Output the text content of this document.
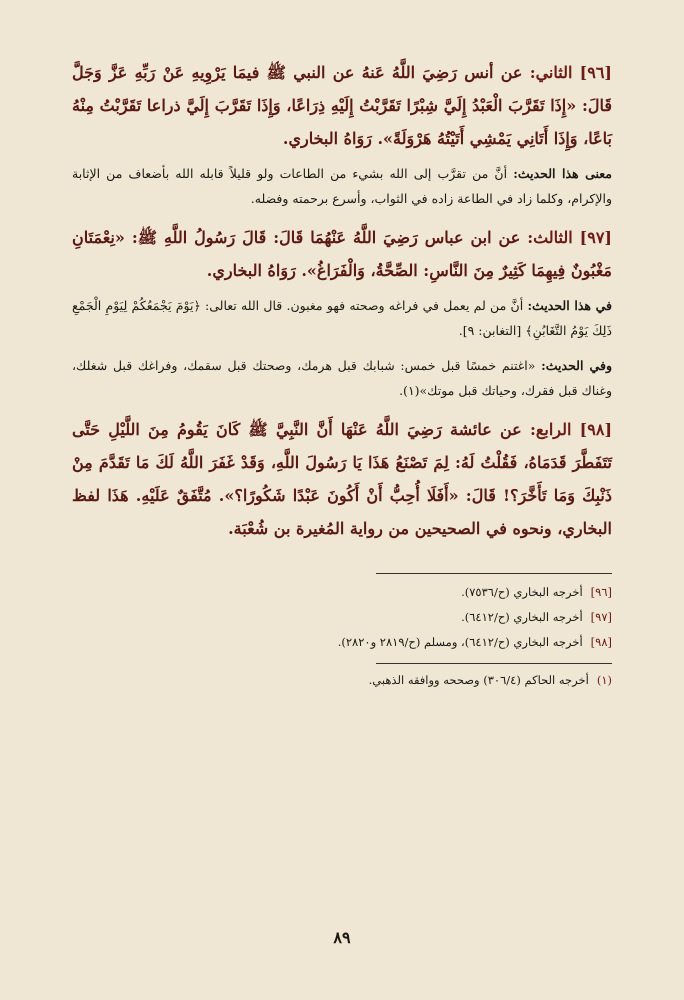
[٩٦] الثاني: عن أنس رَضِيَ اللَّهُ عَنهُ عن النبي ﷺ فيمَا يَرْوِيهِ عَنْ رَبِّهِ عَزَّ وَجَلَّ قَالَ: «إِذَا تَقَرَّبَ الْعَبْدُ إِلَيَّ شِبْرًا تَقَرَّبْتُ إِلَيْهِ ذِرَاعًا، وَإِذَا تَقَرَّبَ إِلَيَّ ذراعا تَقَرَّبْتُ مِنْهُ بَاعًا، وَإِذَا أَتَانِي يَمْشِي أَتَيْتُهُ هَرْوَلَةً». رَوَاهُ البخاري.

معنى هذا الحديث: أنَّ من تقرَّب إلى الله بشيء من الطاعات ولو قليلاً قابله الله بأضعاف من الإثابة والإكرام، وكلما زاد في الطاعة زاده في الثواب، وأسرع برحمته وفضله.

[٩٧] الثالث: عن ابن عباس رَضِيَ اللَّهُ عَنْهُمَا قَالَ: قَالَ رَسُولُ اللَّهِ ﷺ: «نِعْمَتَانِ مَغْبُونٌ فِيهِمَا كَثِيرٌ مِنَ النَّاسِ: الصِّحَّةُ، وَالْفَرَاغُ». رَوَاهُ البخاري.

في هذا الحديث: أنَّ من لم يعمل في فراغه وصحته فهو مغبون. قال الله تعالى: ﴿يَوْمَ يَجْمَعُكُمْ لِيَوْمِ الْجَمْعِ ذَلِكَ يَوْمُ التَّغَابُنِ﴾ [التغابن: ٩].

وفي الحديث: «اغتنم خمسًا قبل خمس: شبابك قبل هرمك، وصحتك قبل سقمك، وفراغك قبل شغلك، وغناك قبل فقرك، وحياتك قبل موتك»(١).

[٩٨] الرابع: عن عائشة رَضِيَ اللَّهُ عَنْهَا أَنَّ النَّبِيَّ ﷺ كَانَ يَقُومُ مِنَ اللَّيْلِ حَتَّى تَتَفَطَّرَ قَدَمَاهُ، فَقُلْتُ لَهُ: لِمَ تَصْنَعُ هَذَا يَا رَسُولَ اللَّهِ، وَقَدْ غَفَرَ اللَّهُ لَكَ مَا تَقَدَّمَ مِنْ ذَنْبِكَ وَمَا تَأَخَّرَ؟! قَالَ: «أَفَلَا أُحِبُّ أَنْ أَكُونَ عَبْدًا شَكُورًا؟». مُتَّفَقٌ عَلَيْهِ. هَذَا لفظ البخاري، ونحوه في الصحيحين من رواية المُغيرة بن شُعْبَة.

[٩٦]أخرجه البخاري (ح/٧٥٣٦).

[٩٧]أخرجه البخاري (ح/٦٤١٢).

[٩٨]أخرجه البخاري (ح/٦٤١٢)، ومسلم (ح/٢٨١٩ و٢٨٢٠).

(١)أخرجه الحاكم (٣٠٦/٤) وصححه ووافقه الذهبي.

٨٩
